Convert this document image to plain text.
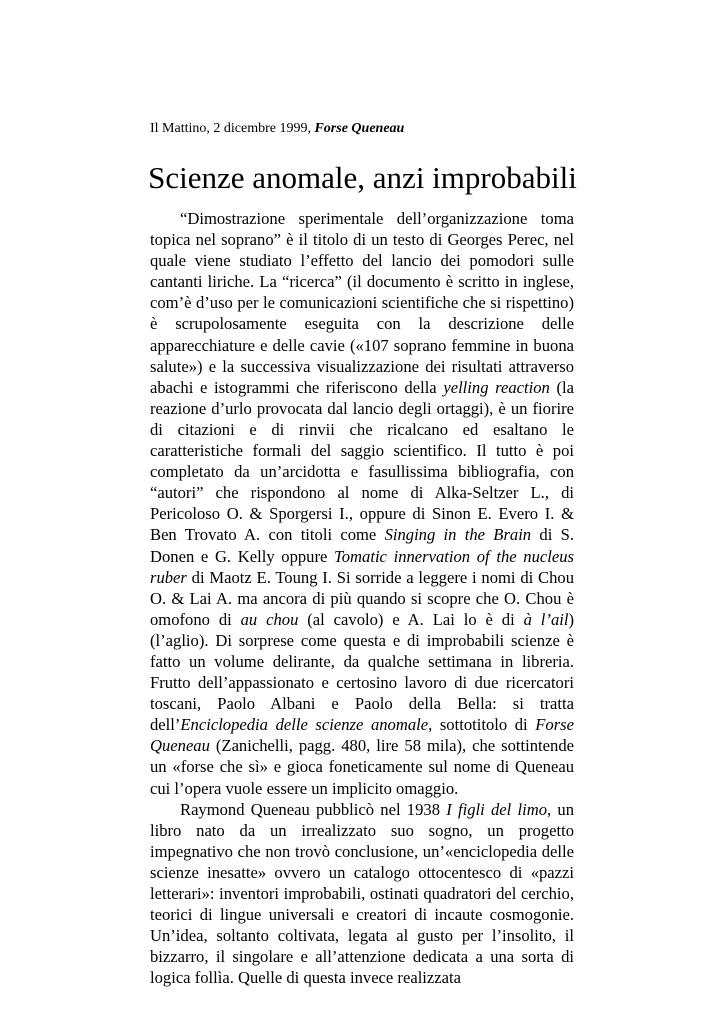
Il Mattino, 2 dicembre 1999, Forse Queneau
Scienze anomale, anzi improbabili

“Dimostrazione sperimentale dell’organizzazione toma topica nel soprano” è il titolo di un testo di Georges Perec, nel quale viene studiato l’effetto del lancio dei pomodori sulle cantanti liriche. La “ricerca” (il documento è scritto in inglese, com’è d’uso per le comunicazioni scientifiche che si rispettino) è scrupolosamente eseguita con la descrizione delle apparecchiature e delle cavie («107 soprano femmine in buona salute») e la successiva visualizzazione dei risultati attraverso abachi e istogrammi che riferiscono della yelling reaction (la reazione d’urlo provocata dal lancio degli ortaggi), è un fiorire di citazioni e di rinvii che ricalcano ed esaltano le caratteristiche formali del saggio scientifico. Il tutto è poi completato da un’arcidotta e fasullissima bibliografia, con “autori” che rispondono al nome di Alka-Seltzer L., di Pericoloso O. & Sporgersi I., oppure di Sinon E. Evero I. & Ben Trovato A. con titoli come Singing in the Brain di S. Donen e G. Kelly oppure Tomatic innervation of the nucleus ruber di Maotz E. Toung I. Si sorride a leggere i nomi di Chou O. & Lai A. ma ancora di più quando si scopre che O. Chou è omofono di au chou (al cavolo) e A. Lai lo è di à l’ail) (l’aglio). Di sorprese come questa e di improbabili scienze è fatto un volume delirante, da qualche settimana in libreria. Frutto dell’appassionato e certosino lavoro di due ricercatori toscani, Paolo Albani e Paolo della Bella: si tratta dell’Enciclopedia delle scienze anomale, sottotitolo di Forse Queneau (Zanichelli, pagg. 480, lire 58 mila), che sottintende un «forse che sì» e gioca foneticamente sul nome di Queneau cui l’opera vuole essere un implicito omaggio.

Raymond Queneau pubblicò nel 1938 I figli del limo, un libro nato da un irrealizzato suo sogno, un progetto impegnativo che non trovò conclusione, un’«enciclopedia delle scienze inesatte» ovvero un catalogo ottocentesco di «pazzi letterari»: inventori improbabili, ostinati quadratori del cerchio, teorici di lingue universali e creatori di incaute cosmogonie. Un’idea, soltanto coltivata, legata al gusto per l’insolito, il bizzarro, il singolare e all’attenzione dedicata a una sorta di logica follìa. Quelle di questa invece realizzata
